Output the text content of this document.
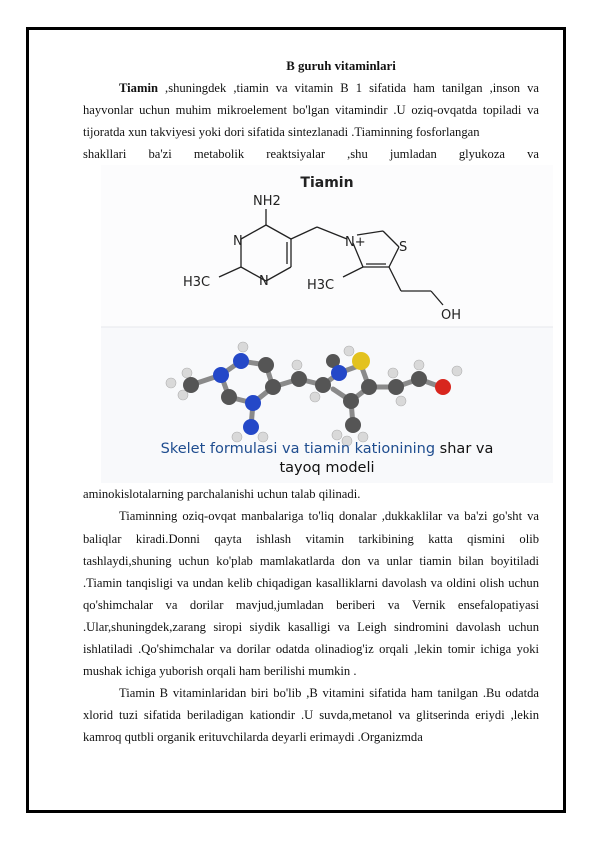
B guruh vitaminlari

Tiamin ,shuningdek ,tiamin va vitamin B 1 sifatida ham tanilgan ,inson va hayvonlar uchun muhim mikroelement bo'lgan vitamindir .U oziq-ovqatda topiladi va tijoratda xun takviyesi yoki dori sifatida sintezlanadi .Tiaminning fosforlangan

shakllari ba'zi metabolik reaktsiyalar ,shu jumladan glyukoza va

Tiamin
NH2
N
N
H3C
N+	S
H3C
OH
Skelet formulasi va tiamin kationining shar va
tayoq modeli

aminokislotalarning parchalanishi uchun talab qilinadi.

Tiaminning oziq-ovqat manbalariga to'liq donalar ,dukkaklilar va ba'zi go'sht va baliqlar kiradi.Donni qayta ishlash vitamin tarkibining katta qismini olib tashlaydi,shuning uchun ko'plab mamlakatlarda don va unlar tiamin bilan boyitiladi .Tiamin tanqisligi va undan kelib chiqadigan kasalliklarni davolash va oldini olish uchun qo'shimchalar va dorilar mavjud,jumladan beriberi va Vernik ensefalopatiyasi .Ular,shuningdek,zarang siropi siydik kasalligi va Leigh sindromini davolash uchun ishlatiladi .Qo'shimchalar va dorilar odatda olinadiog'iz orqali ,lekin tomir ichiga yoki mushak ichiga yuborish orqali ham berilishi mumkin .

Tiamin B vitaminlaridan biri bo'lib ,B vitamini sifatida ham tanilgan .Bu odatda xlorid tuzi sifatida beriladigan kationdir .U suvda,metanol va glitserinda eriydi ,lekin kamroq qutbli organik erituvchilarda deyarli erimaydi .Organizmda
